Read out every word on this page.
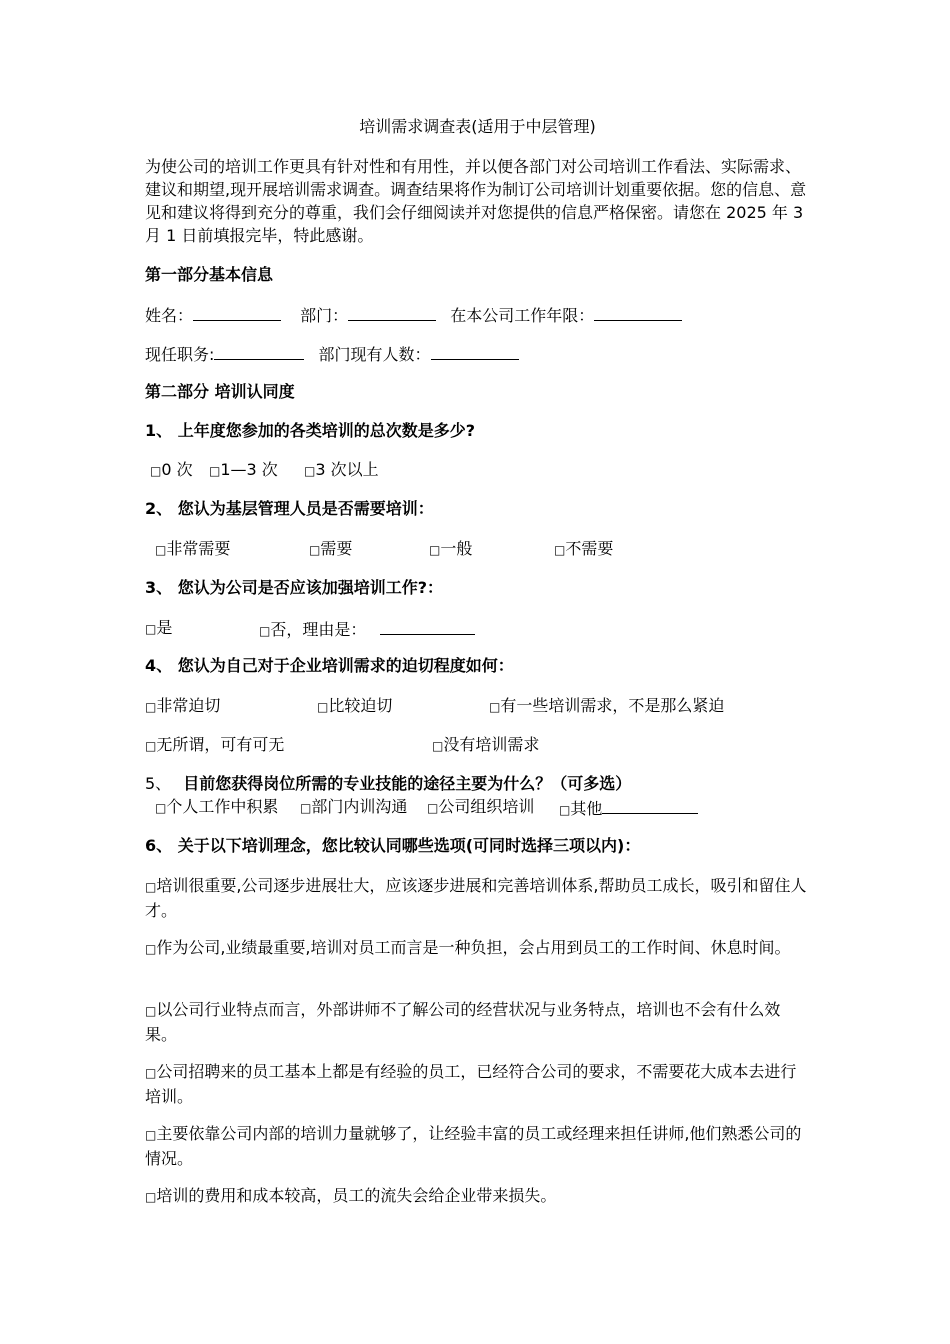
培训需求调查表(适用于中层管理)
为使公司的培训工作更具有针对性和有用性，并以便各部门对公司培训工作看法、实际需求、建议和期望,现开展培训需求调查。调查结果将作为制订公司培训计划重要依据。您的信息、意见和建议将得到充分的尊重，我们会仔细阅读并对您提供的信息严格保密。请您在 2025 年 3 月 1 日前填报完毕，特此感谢。
第一部分基本信息
姓名：	部门：	在本公司工作年限：
现任职务:	部门现有人数：
第二部分 培训认同度
1、 上年度您参加的各类培训的总次数是多少?
□0 次 □1—3 次 □3 次以上
2、 您认为基层管理人员是否需要培训：
□非常需要	□需要	□一般	□不需要
3、 您认为公司是否应该加强培训工作?：
□是	□否，理由是：
4、 您认为自己对于企业培训需求的迫切程度如何：
□非常迫切	□比较迫切	□有一些培训需求，不是那么紧迫
□无所谓，可有可无	□没有培训需求
5、 目前您获得岗位所需的专业技能的途径主要为什么？（可多选）
□个人工作中积累 □部门内训沟通 □公司组织培训 □其他
6、 关于以下培训理念，您比较认同哪些选项(可同时选择三项以内)：
□培训很重要,公司逐步进展壮大，应该逐步进展和完善培训体系,帮助员工成长，吸引和留住人才。
□作为公司,业绩最重要,培训对员工而言是一种负担，会占用到员工的工作时间、休息时间。
□以公司行业特点而言，外部讲师不了解公司的经营状况与业务特点，培训也不会有什么效果。
□公司招聘来的员工基本上都是有经验的员工，已经符合公司的要求，不需要花大成本去进行培训。
□主要依靠公司内部的培训力量就够了，让经验丰富的员工或经理来担任讲师,他们熟悉公司的情况。
□培训的费用和成本较高，员工的流失会给企业带来损失。
